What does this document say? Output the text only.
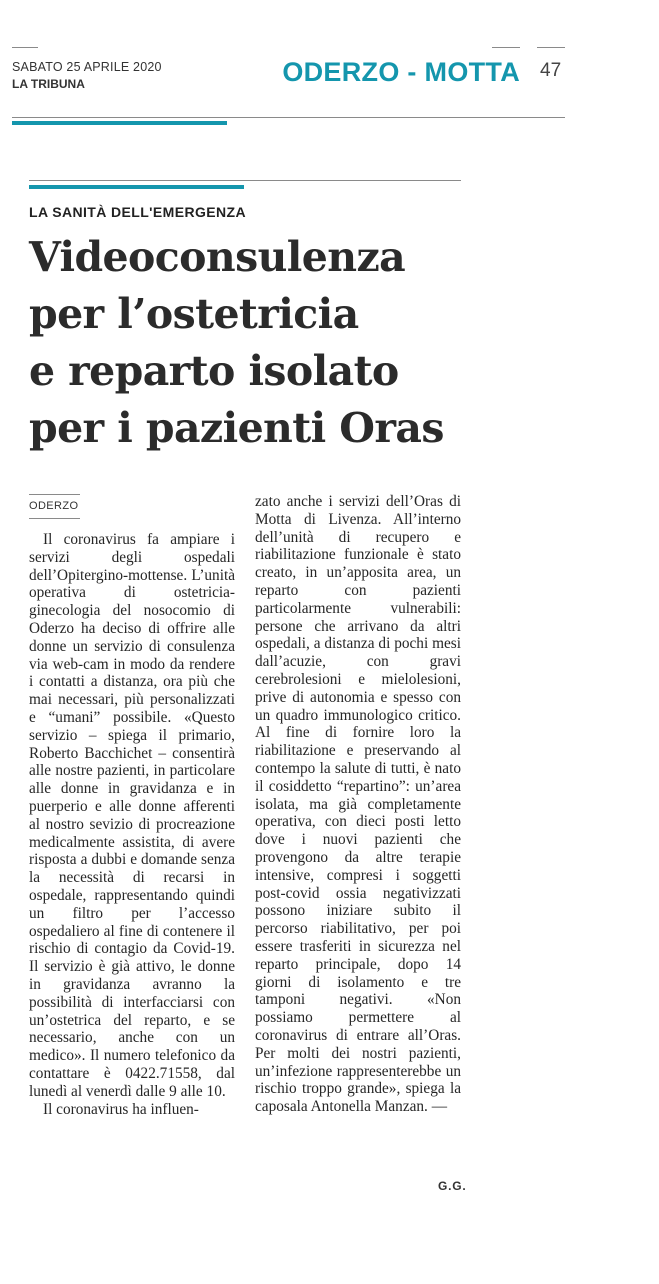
SABATO 25 APRILE 2020
LA TRIBUNA	ODERZO - MOTTA 47
LA SANITÀ DELL'EMERGENZA
Videoconsulenza
per l’ostetricia
e reparto isolato
per i pazienti Oras
ODERZO

Il coronavirus fa ampiare i servizi degli ospedali dell’Opitergino-mottense. L’unità operativa di ostetricia-ginecologia del nosocomio di Oderzo ha deciso di offrire alle donne un servizio di consulenza via web-cam in modo da rendere i contatti a distanza, ora più che mai necessari, più personalizzati e “umani” possibile. «Questo servizio – spiega il primario, Roberto Bacchichet – consentirà alle nostre pazienti, in particolare alle donne in gravidanza e in puerperio e alle donne afferenti al nostro sevizio di procreazione medicalmente assistita, di avere risposta a dubbi e domande senza la necessità di recarsi in ospedale, rappresentando quindi un filtro per l’accesso ospedaliero al fine di contenere il rischio di contagio da Covid-19. Il servizio è già attivo, le donne in gravidanza avranno la possibilità di interfacciarsi con un’ostetrica del reparto, e se necessario, anche con un medico». Il numero telefonico da contattare è 0422.71558, dal lunedì al venerdì dalle 9 alle 10.

Il coronavirus ha influen-

zato anche i servizi dell’Oras di Motta di Livenza. All’interno dell’unità di recupero e riabilitazione funzionale è stato creato, in un’apposita area, un reparto con pazienti particolarmente vulnerabili: persone che arrivano da altri ospedali, a distanza di pochi mesi dall’acuzie, con gravi cerebrolesioni e mielolesioni, prive di autonomia e spesso con un quadro immunologico critico. Al fine di fornire loro la riabilitazione e preservando al contempo la salute di tutti, è nato il cosiddetto “repartino”: un’area isolata, ma già completamente operativa, con dieci posti letto dove i nuovi pazienti che provengono da altre terapie intensive, compresi i soggetti post-covid ossia negativizzati possono iniziare subito il percorso riabilitativo, per poi essere trasferiti in sicurezza nel reparto principale, dopo 14 giorni di isolamento e tre tamponi negativi. «Non possiamo permettere al coronavirus di entrare all’Oras. Per molti dei nostri pazienti, un’infezione rappresenterebbe un rischio troppo grande», spiega la caposala Antonella Manzan. —

G.G.
